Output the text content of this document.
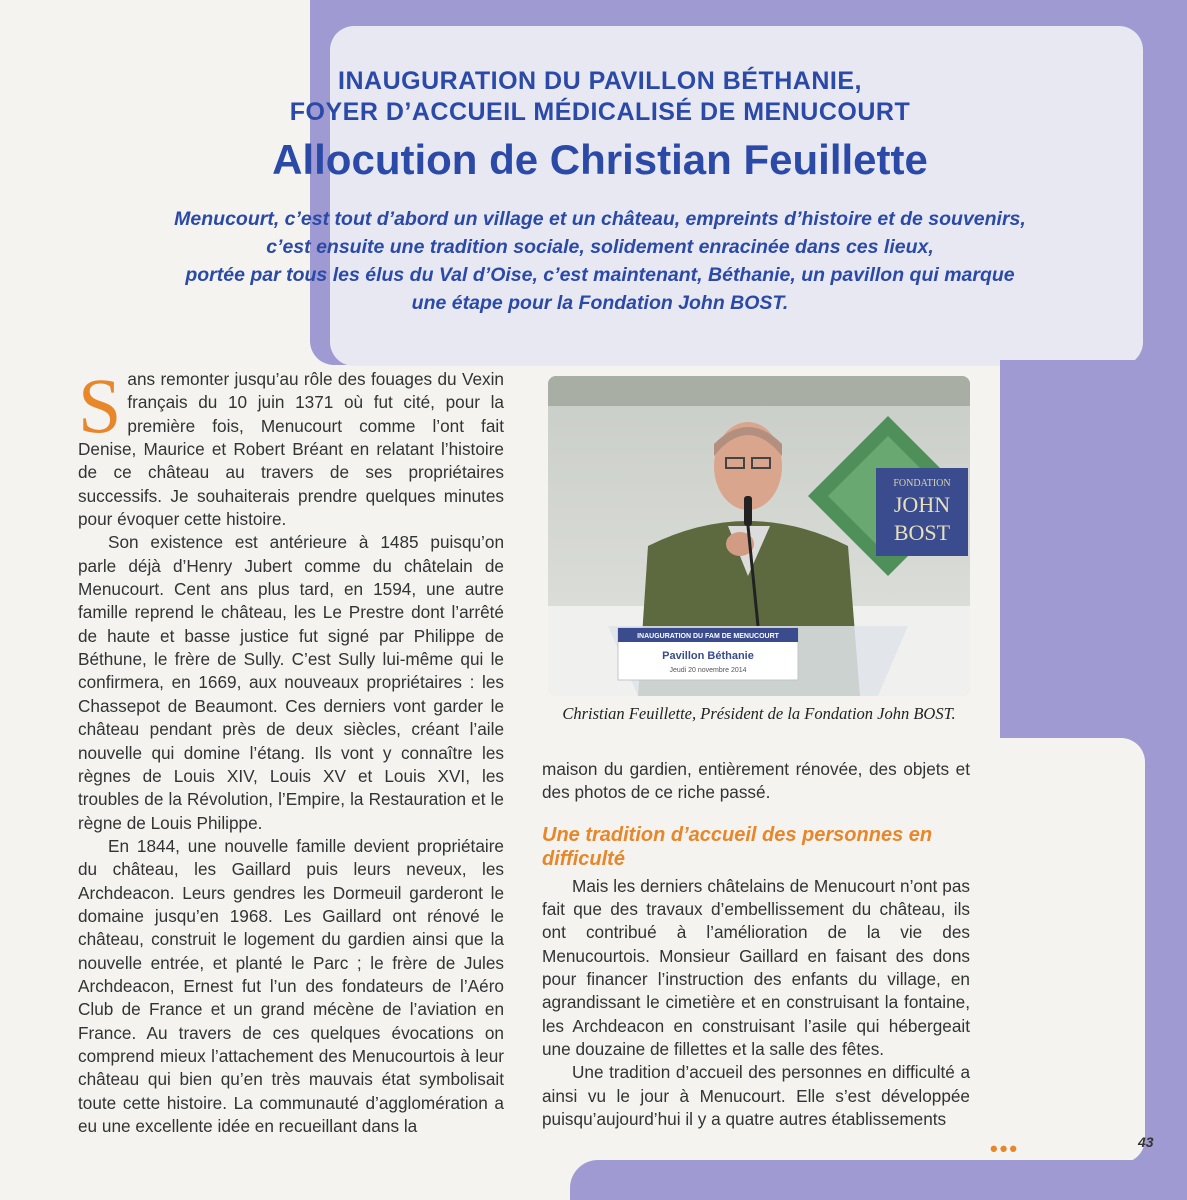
INAUGURATION DU PAVILLON BÉTHANIE,

FOYER D’ACCUEIL MÉDICALISÉ DE MENUCOURT

Allocution de Christian Feuillette

Menucourt, c’est tout d’abord un village et un château, empreints d’histoire et de souvenirs,

c’est ensuite une tradition sociale, solidement enracinée dans ces lieux,

portée par tous les élus du Val d’Oise, c’est maintenant, Béthanie, un pavillon qui marque

une étape pour la Fondation John BOST.

Sans remonter jusqu’au rôle des fouages du Vexin français du 10 juin 1371 où fut cité, pour la première fois, Menucourt comme l’ont fait Denise, Maurice et Robert Bréant en relatant l’histoire de ce château au travers de ses propriétaires successifs. Je souhaiterais prendre quelques minutes pour évoquer cette histoire.

Son existence est antérieure à 1485 puisqu’on parle déjà d’Henry Jubert comme du châtelain de Menucourt. Cent ans plus tard, en 1594, une autre famille reprend le château, les Le Prestre dont l’arrêté de haute et basse justice fut signé par Philippe de Béthune, le frère de Sully. C’est Sully lui-même qui le confirmera, en 1669, aux nouveaux propriétaires : les Chassepot de Beaumont. Ces derniers vont garder le château pendant près de deux siècles, créant l’aile nouvelle qui domine l’étang. Ils vont y connaître les règnes de Louis XIV, Louis XV et Louis XVI, les troubles de la Révolution, l’Empire, la Restauration et le règne de Louis Philippe.

En 1844, une nouvelle famille devient propriétaire du château, les Gaillard puis leurs neveux, les Archdeacon. Leurs gendres les Dormeuil garderont le domaine jusqu’en 1968. Les Gaillard ont rénové le château, construit le logement du gardien ainsi que la nouvelle entrée, et planté le Parc ; le frère de Jules Archdeacon, Ernest fut l’un des fondateurs de l’Aéro Club de France et un grand mécène de l’aviation en France. Au travers de ces quelques évocations on comprend mieux l’attachement des Menucourtois à leur château qui bien qu’en très mauvais état symbolisait toute cette histoire. La communauté d’agglomération a eu une excellente idée en recueillant dans la

FONDATION
JOHN
BOST
INAUGURATION DU FAM DE MENUCOURT
Pavillon Béthanie
Jeudi 20 novembre 2014
Christian Feuillette, Président de la Fondation John BOST.

maison du gardien, entièrement rénovée, des objets et des photos de ce riche passé.

Une tradition d’accueil des personnes en difficulté

Mais les derniers châtelains de Menucourt n’ont pas fait que des travaux d’embellissement du château, ils ont contribué à l’amélioration de la vie des Menucourtois. Monsieur Gaillard en faisant des dons pour financer l’instruction des enfants du village, en agrandissant le cimetière et en construisant la fontaine, les Archdeacon en construisant l’asile qui hébergeait une douzaine de fillettes et la salle des fêtes.

Une tradition d’accueil des personnes en difficulté a ainsi vu le jour à Menucourt. Elle s’est développée puisqu’aujourd’hui il y a quatre autres établissements

•••	43
